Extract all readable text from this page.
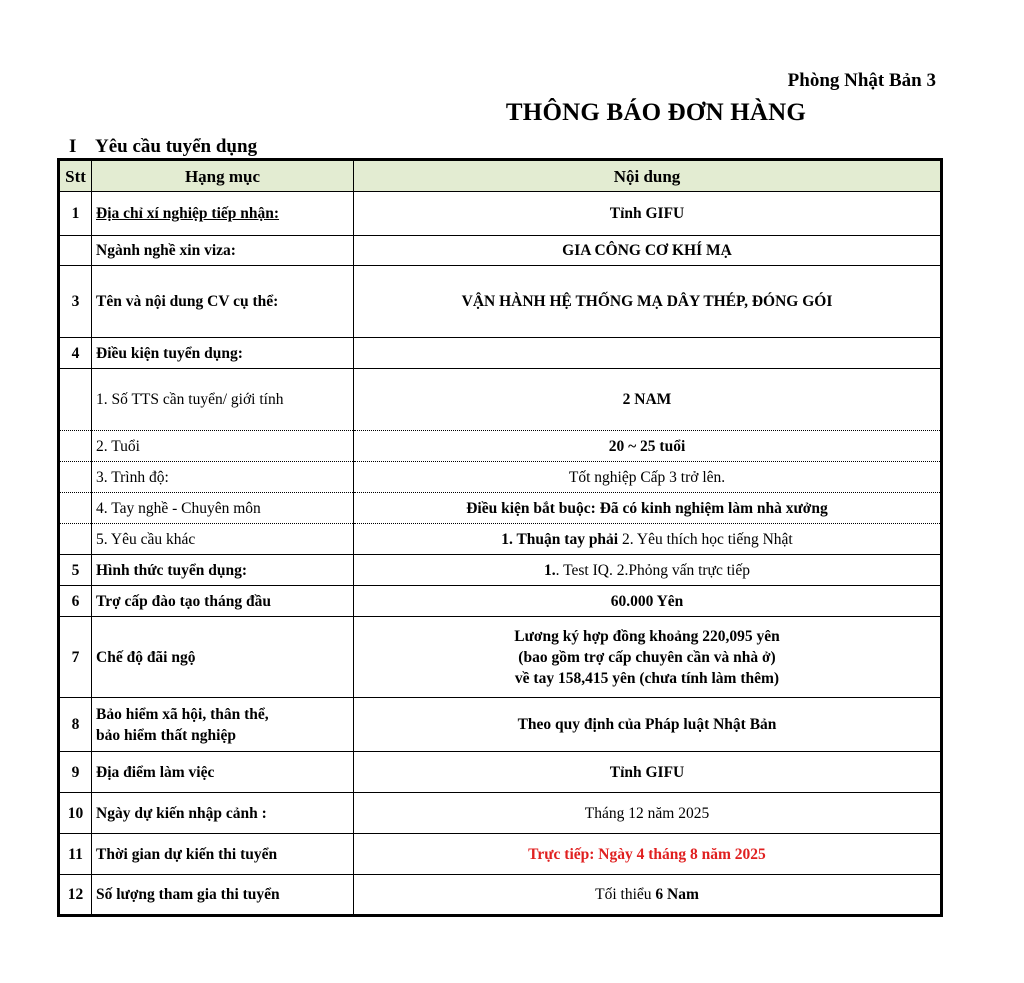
Phòng Nhật Bản 3
THÔNG BÁO ĐƠN HÀNG
I Yêu cầu tuyển dụng
Stt	Hạng mục	Nội dung
1	Địa chỉ xí nghiệp tiếp nhận:	Tỉnh GIFU
	Ngành nghề xin viza:	GIA CÔNG CƠ KHÍ MẠ
3	Tên và nội dung CV cụ thể:	VẬN HÀNH HỆ THỐNG MẠ DÂY THÉP, ĐÓNG GÓI
4	Điều kiện tuyển dụng:	
	1. Số TTS cần tuyển/ giới tính	2 NAM
	2. Tuổi	20 ~ 25 tuổi
	3. Trình độ:	Tốt nghiệp Cấp 3 trở lên.
	4. Tay nghề - Chuyên môn	Điều kiện bắt buộc: Đã có kinh nghiệm làm nhà xưởng
	5. Yêu cầu khác	1. Thuận tay phải 2. Yêu thích học tiếng Nhật
5	Hình thức tuyển dụng:	1.. Test IQ. 2.Phỏng vấn trực tiếp
6	Trợ cấp đào tạo tháng đầu	60.000 Yên
7	Chế độ đãi ngộ	Lương ký hợp đồng khoảng 220,095 yên
(bao gồm trợ cấp chuyên cần và nhà ở)
về tay 158,415 yên (chưa tính làm thêm)

8	Bảo hiểm xã hội, thân thể,
bảo hiểm thất nghiệp	Theo quy định của Pháp luật Nhật Bản
9	Địa điểm làm việc	Tỉnh GIFU
10	Ngày dự kiến nhập cảnh :	Tháng 12 năm 2025
11	Thời gian dự kiến thi tuyển	Trực tiếp: Ngày 4 tháng 8 năm 2025
12	Số lượng tham gia thi tuyển	Tối thiểu 6 Nam
